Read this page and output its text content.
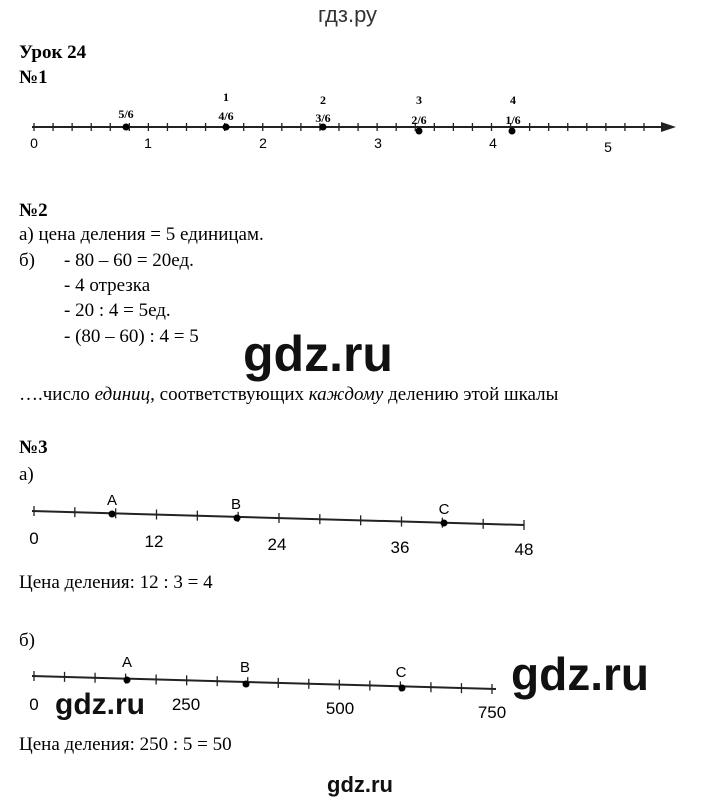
гдз.ру
Урок 24
№1
0	1	2	3	4	5
5/6
1
4/6
2
3/6
3
2/6
4
1/6
№2
а) цена деления = 5 единицам.
б) - 80 – 60 = 20ед.
- 4 отрезка
- 20 : 4 = 5ед.
- (80 – 60) : 4 = 5 gdz.ru
….число единиц, соответствующих каждому делению этой шкалы
№3
а)
A	B	C
0	12	24	36	48
A	B	C
0	250	500	750
Цена деления: 12 : 3 = 4
б)
gdz.ru
gdz.ru
Цена деления: 250 : 5 = 50
gdz.ru
